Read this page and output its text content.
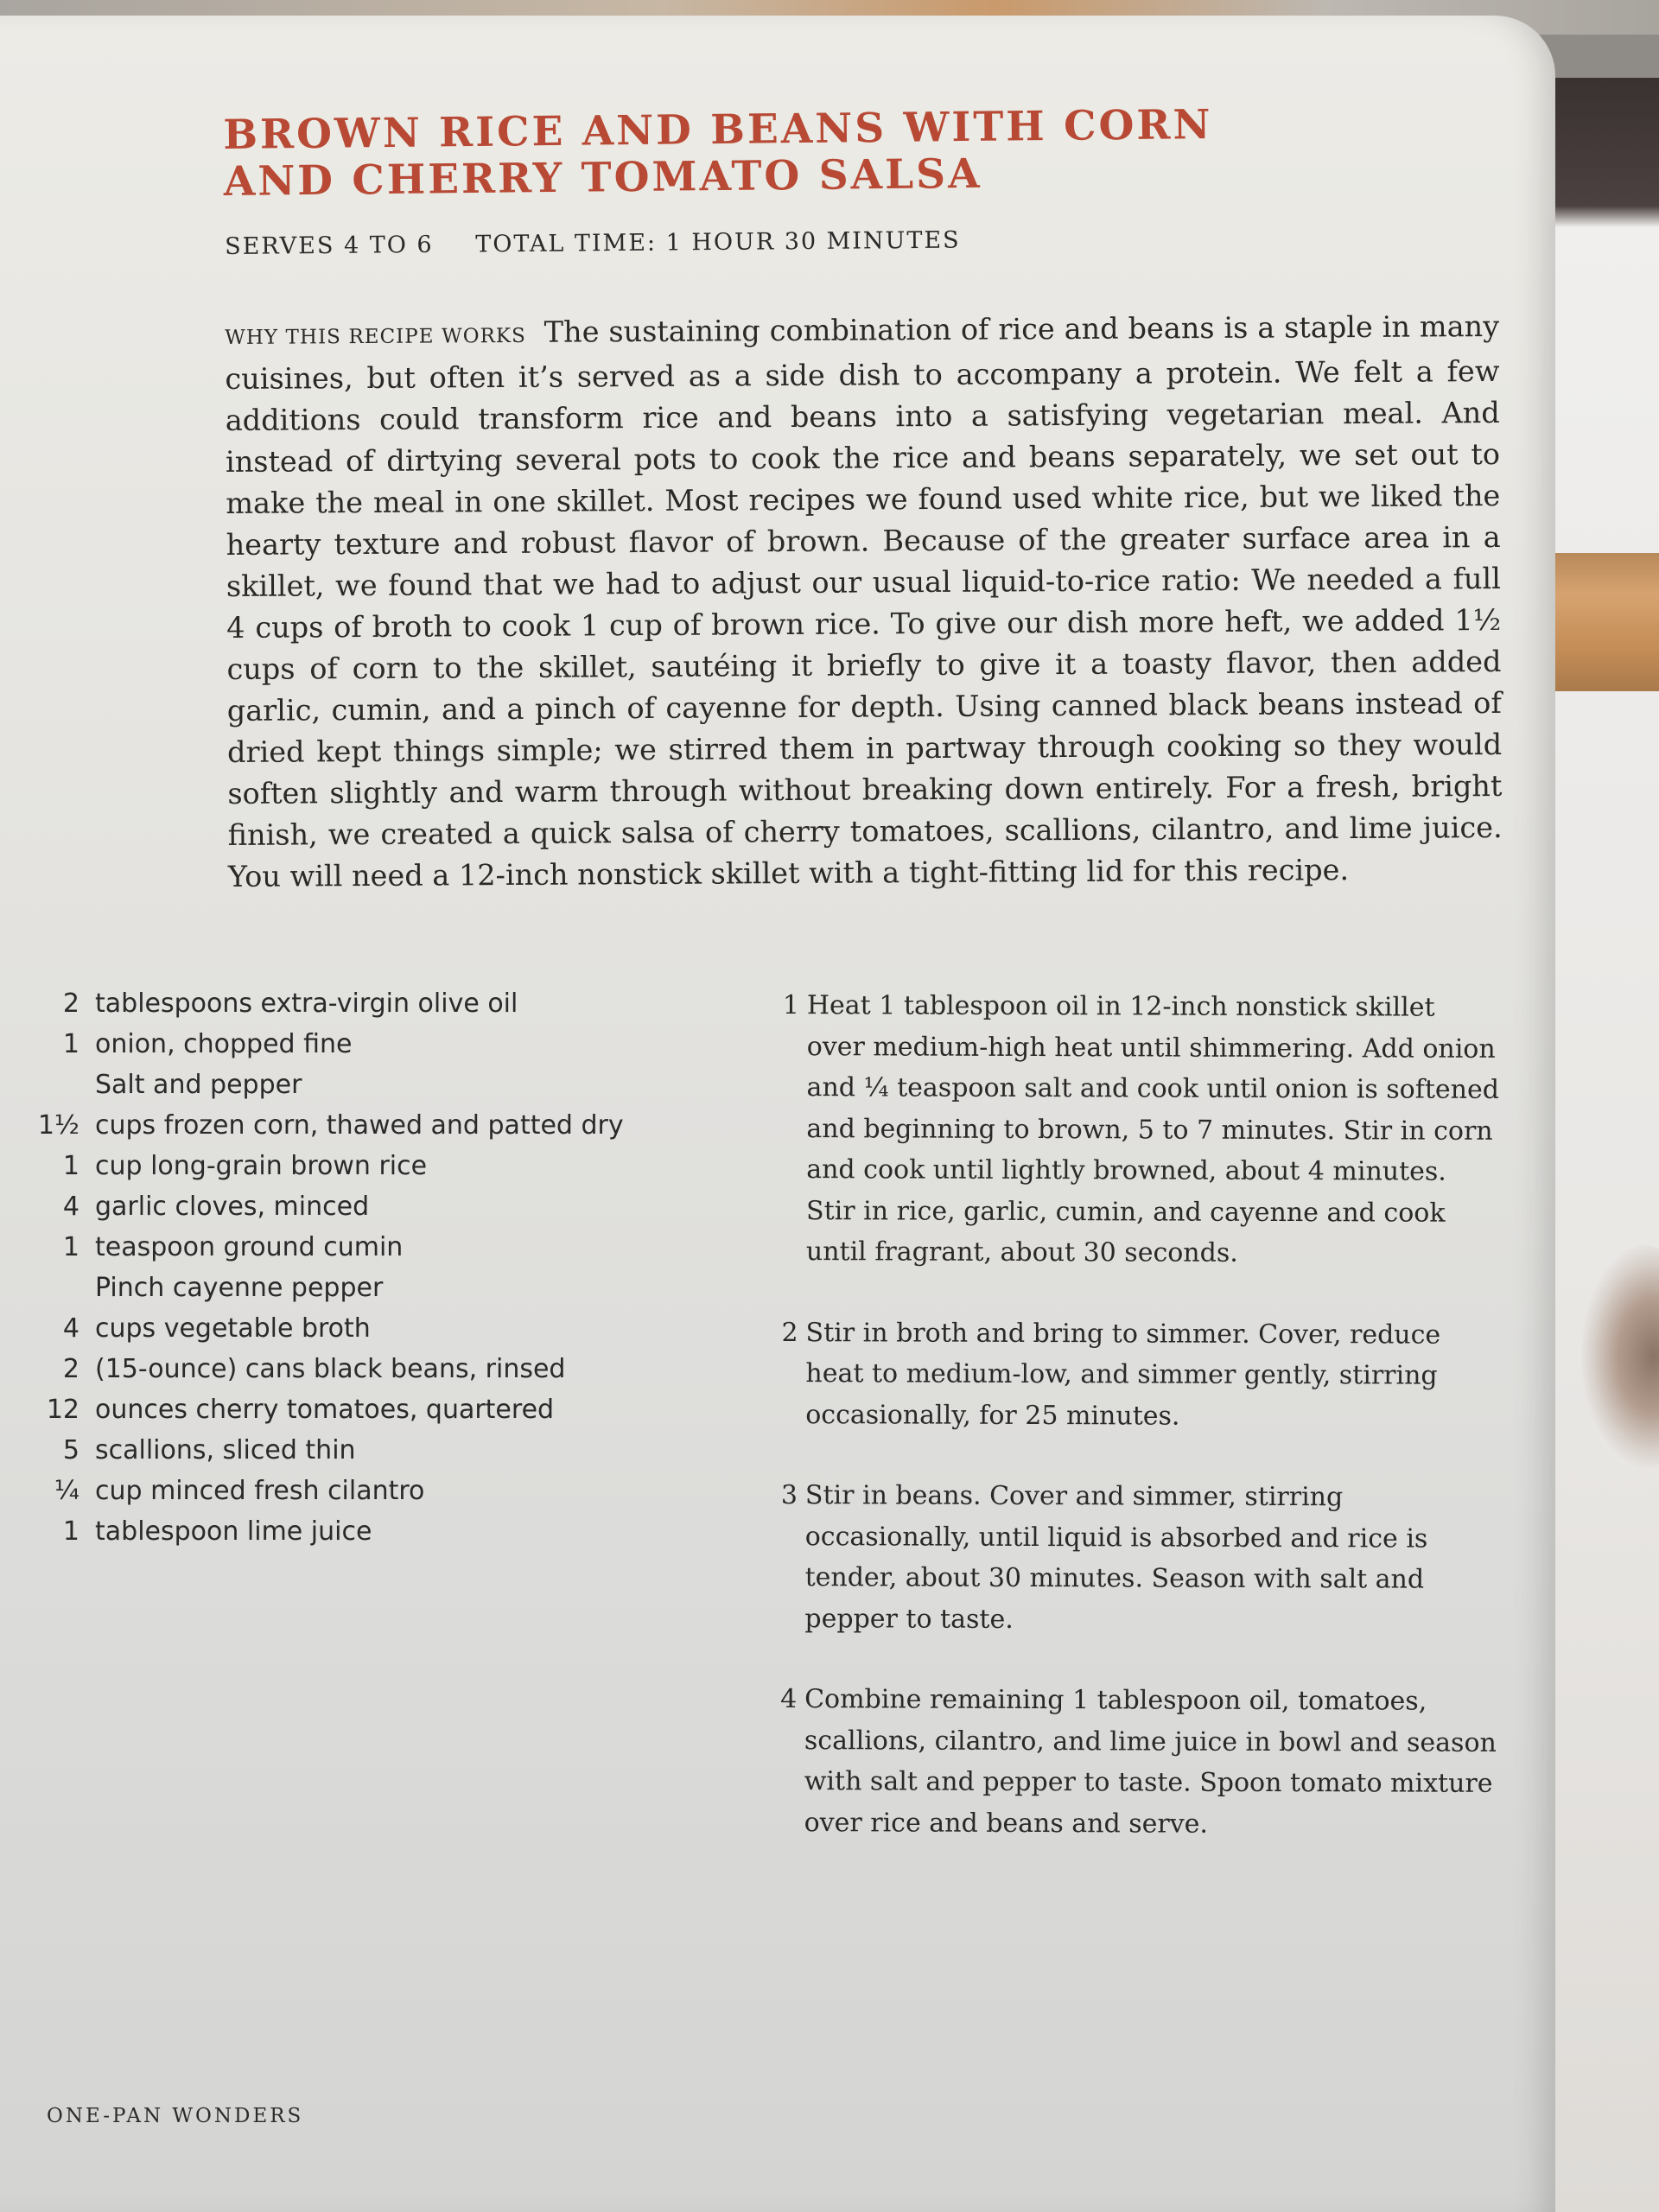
BROWN RICE AND BEANS WITH CORN
AND CHERRY TOMATO SALSA
SERVES 4 TO 6 TOTAL TIME: 1 HOUR 30 MINUTES
WHY THIS RECIPE WORKS The sustaining combination of rice and beans is a staple in many cuisines, but often it’s served as a side dish to accompany a protein. We felt a few additions could transform rice and beans into a satisfying vegetarian meal. And instead of dirtying several pots to cook the rice and beans separately, we set out to make the meal in one skillet. Most recipes we found used white rice, but we liked the hearty texture and robust flavor of brown. Because of the greater surface area in a skillet, we found that we had to adjust our usual liquid-to-rice ratio: We needed a full 4 cups of broth to cook 1 cup of brown rice. To give our dish more heft, we added 1½ cups of corn to the skillet, sautéing it briefly to give it a toasty flavor, then added garlic, cumin, and a pinch of cayenne for depth. Using canned black beans instead of dried kept things simple; we stirred them in partway through cooking so they would soften slightly and warm through without breaking down entirely. For a fresh, bright finish, we created a quick salsa of cherry tomatoes, scallions, cilantro, and lime juice. You will need a 12-inch nonstick skillet with a tight-fitting lid for this recipe.
2 tablespoons extra-virgin olive oil
1 onion, chopped fine
Salt and pepper
1½ cups frozen corn, thawed and patted dry
1 cup long-grain brown rice
4 garlic cloves, minced
1 teaspoon ground cumin
Pinch cayenne pepper
4 cups vegetable broth
2 (15-ounce) cans black beans, rinsed
12 ounces cherry tomatoes, quartered
5 scallions, sliced thin
¼ cup minced fresh cilantro
1 tablespoon lime juice
1 Heat 1 tablespoon oil in 12-inch nonstick skillet over medium-high heat until shimmering. Add onion and ¼ teaspoon salt and cook until onion is softened and beginning to brown, 5 to 7 minutes. Stir in corn and cook until lightly browned, about 4 minutes. Stir in rice, garlic, cumin, and cayenne and cook until fragrant, about 30 seconds.
2 Stir in broth and bring to simmer. Cover, reduce heat to medium-low, and simmer gently, stirring occasionally, for 25 minutes.
3 Stir in beans. Cover and simmer, stirring occasionally, until liquid is absorbed and rice is tender, about 30 minutes. Season with salt and pepper to taste.
4 Combine remaining 1 tablespoon oil, tomatoes, scallions, cilantro, and lime juice in bowl and season with salt and pepper to taste. Spoon tomato mixture over rice and beans and serve.
ONE-PAN WONDERS
